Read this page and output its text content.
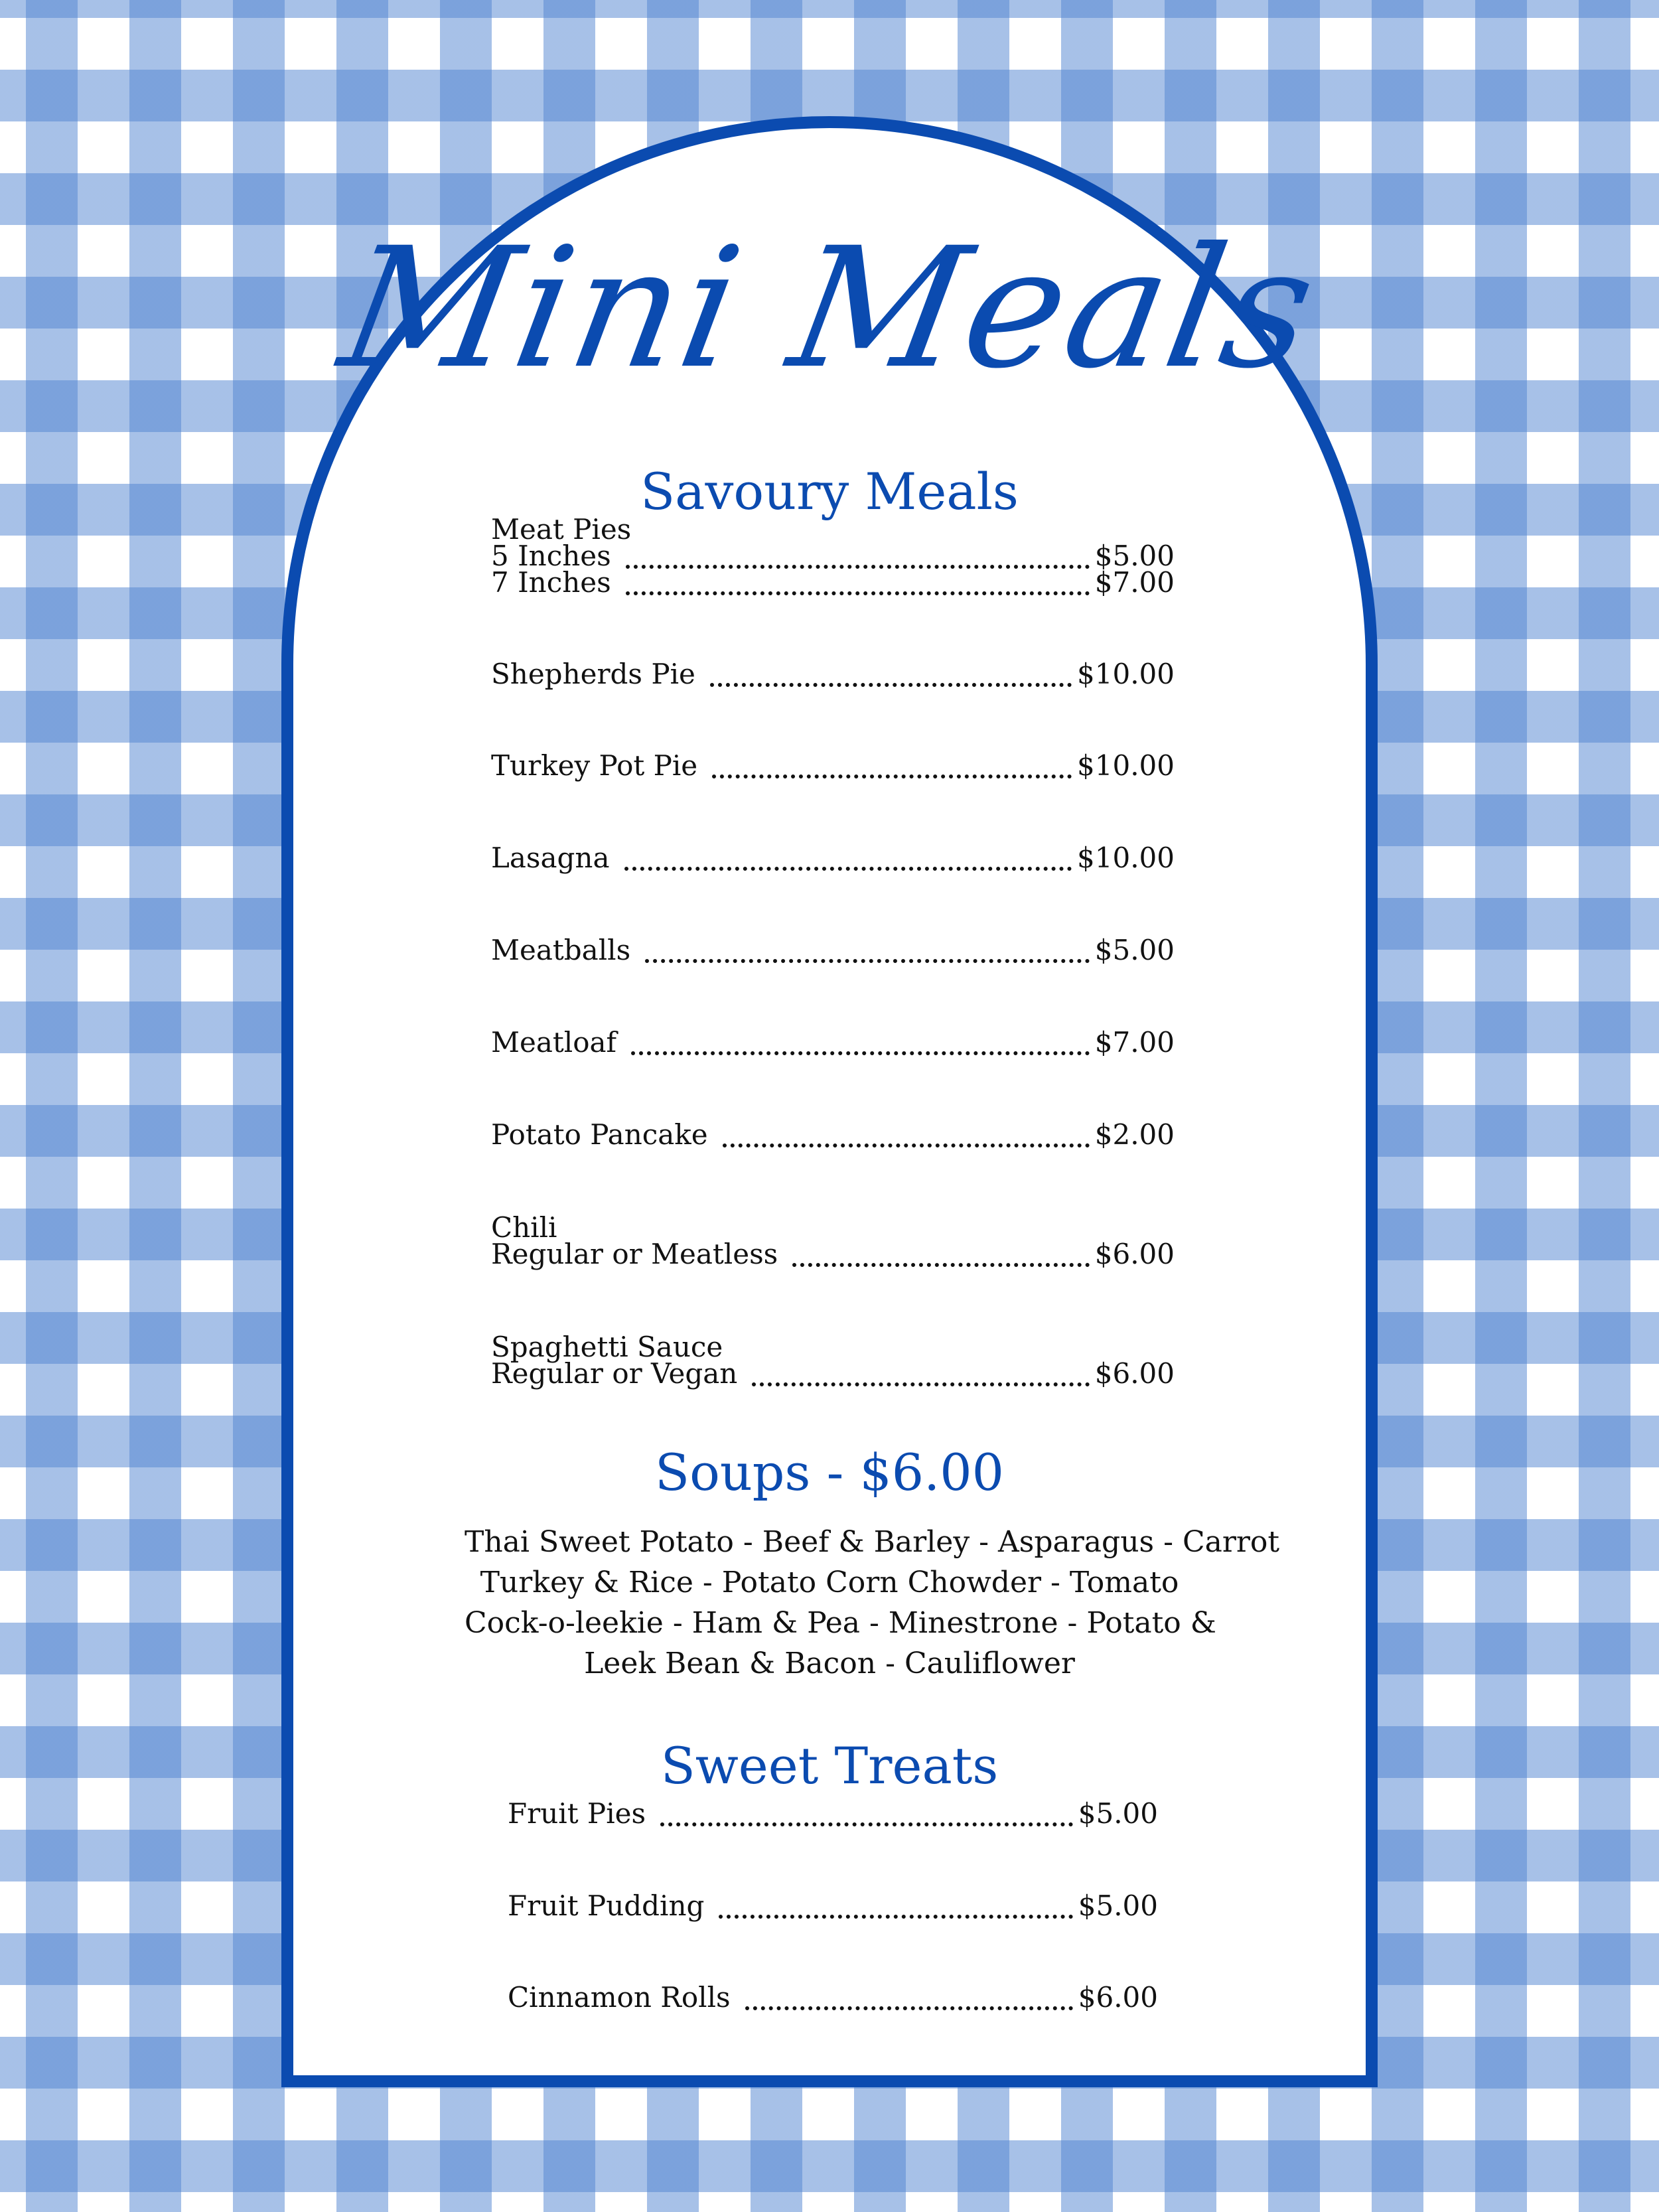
Mini Meals
Savoury Meals
Meat Pies
5 Inches	$5.00
7 Inches	$7.00
Shepherds Pie	$10.00
Turkey Pot Pie	$10.00
Lasagna	$10.00
Meatballs	$5.00
Meatloaf	$7.00
Potato Pancake	$2.00
Chili
Regular or Meatless	$6.00
Spaghetti Sauce
Regular or Vegan	$6.00
Soups - $6.00
Thai Sweet Potato - Beef & Barley - Asparagus - Carrot
Turkey & Rice - Potato Corn Chowder - Tomato
Cock-o-leekie - Ham & Pea - Minestrone - Potato &
Leek Bean & Bacon - Cauliflower
Sweet Treats
Fruit Pies	$5.00
Fruit Pudding	$5.00
Cinnamon Rolls	$6.00
